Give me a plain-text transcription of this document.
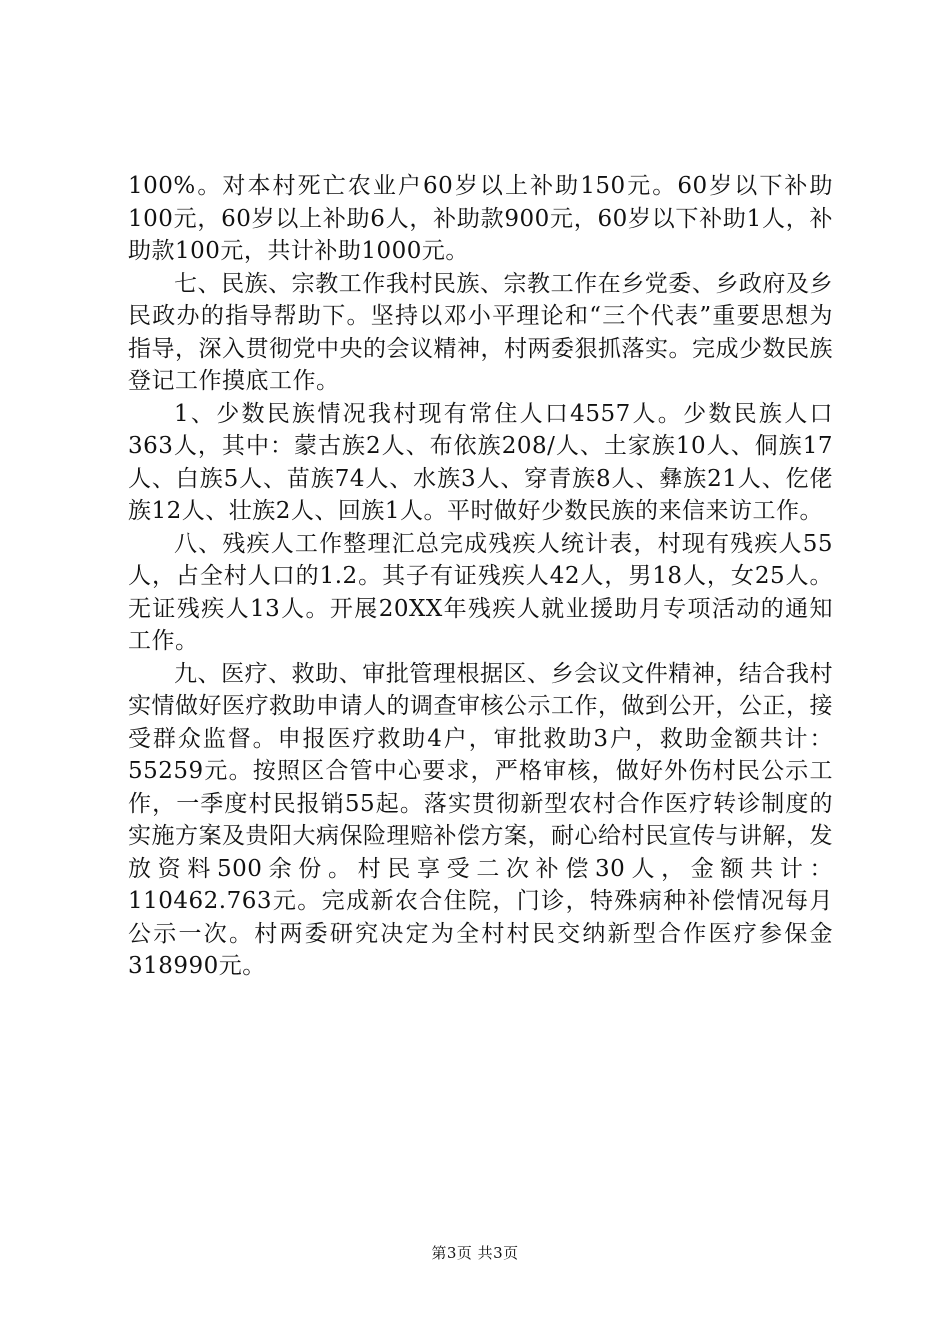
100%。对本村死亡农业户60岁以上补助150元。60岁以下补助100元，60岁以上补助6人，补助款900元，60岁以下补助1人，补助款100元，共计补助1000元。

七、民族、宗教工作我村民族、宗教工作在乡党委、乡政府及乡民政办的指导帮助下。坚持以邓小平理论和“三个代表”重要思想为指导，深入贯彻党中央的会议精神，村两委狠抓落实。完成少数民族登记工作摸底工作。

1、少数民族情况我村现有常住人口4557人。少数民族人口363人，其中：蒙古族2人、布依族208/人、土家族10人、侗族17人、白族5人、苗族74人、水族3人、穿青族8人、彝族21人、仡佬族12人、壮族2人、回族1人。平时做好少数民族的来信来访工作。

八、残疾人工作整理汇总完成残疾人统计表，村现有残疾人55人，占全村人口的1.2。其子有证残疾人42人，男18人，女25人。无证残疾人13人。开展20XX年残疾人就业援助月专项活动的通知工作。

九、医疗、救助、审批管理根据区、乡会议文件精神，结合我村实情做好医疗救助申请人的调查审核公示工作，做到公开，公正，接受群众监督。申报医疗救助4户，审批救助3户，救助金额共计：55259元。按照区合管中心要求，严格审核，做好外伤村民公示工作，一季度村民报销55起。落实贯彻新型农村合作医疗转诊制度的实施方案及贵阳大病保险理赔补偿方案，耐心给村民宣传与讲解，发放资料500余份。村民享受二次补偿30人，金额共计：110462.763元。完成新农合住院，门诊，特殊病种补偿情况每月公示一次。村两委研究决定为全村村民交纳新型合作医疗参保金318990元。

第3页 共3页
